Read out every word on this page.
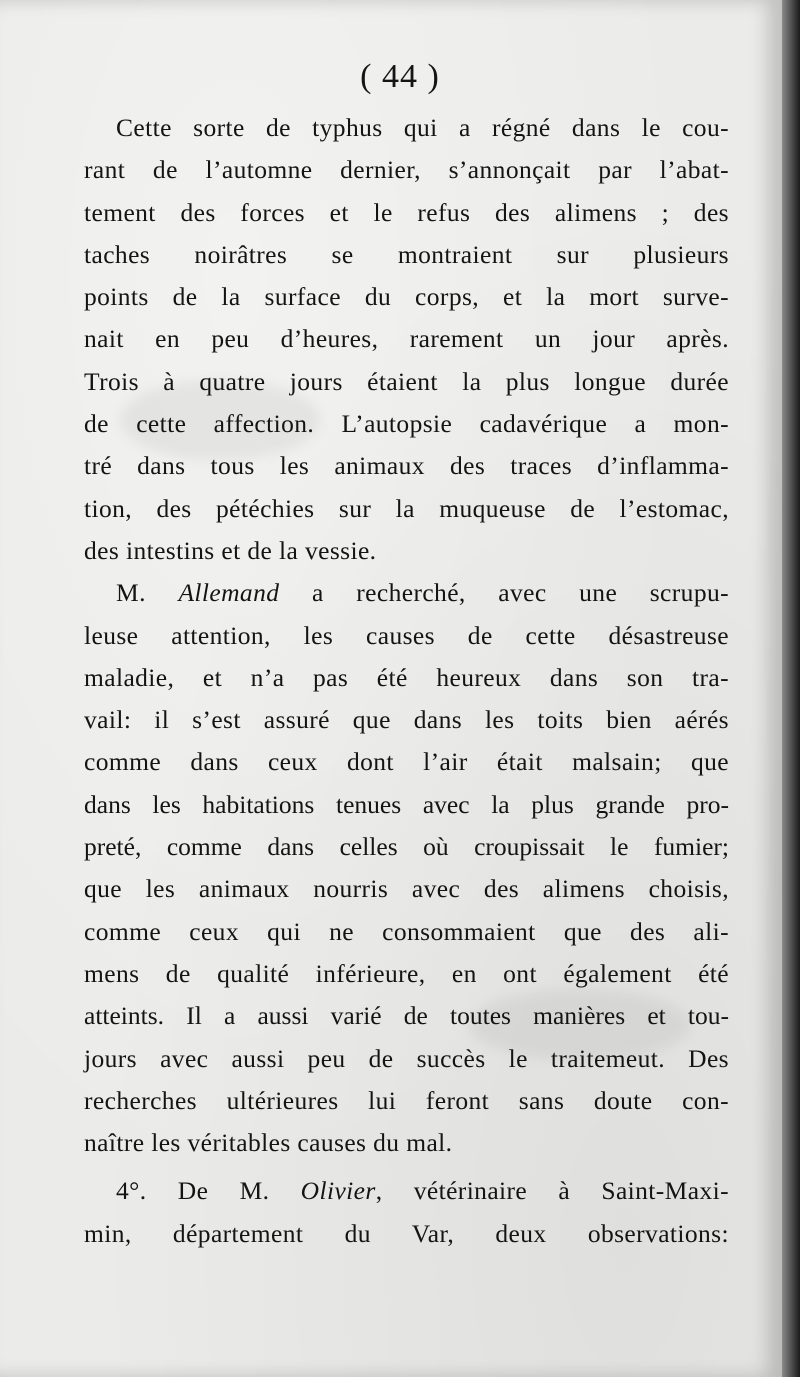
( 44 )
Cette sorte de typhus qui a régné dans le cou-
rant de l’automne dernier, s’annonçait par l’abat-
tement des forces et le refus des alimens ; des
taches noirâtres se montraient sur plusieurs
points de la surface du corps, et la mort surve-
nait en peu d’heures, rarement un jour après.
Trois à quatre jours étaient la plus longue durée
de cette affection. L’autopsie cadavérique a mon-
tré dans tous les animaux des traces d’inflamma-
tion, des pétéchies sur la muqueuse de l’estomac,
des intestins et de la vessie.
M. Allemand a recherché, avec une scrupu-
leuse attention, les causes de cette désastreuse
maladie, et n’a pas été heureux dans son tra-
vail: il s’est assuré que dans les toits bien aérés
comme dans ceux dont l’air était malsain; que
dans les habitations tenues avec la plus grande pro-
preté, comme dans celles où croupissait le fumier;
que les animaux nourris avec des alimens choisis,
comme ceux qui ne consommaient que des ali-
mens de qualité inférieure, en ont également été
atteints. Il a aussi varié de toutes manières et tou-
jours avec aussi peu de succès le traitemeut. Des
recherches ultérieures lui feront sans doute con-
naître les véritables causes du mal.
4°. De M. Olivier, vétérinaire à Saint-Maxi-
min, département du Var, deux observations:
